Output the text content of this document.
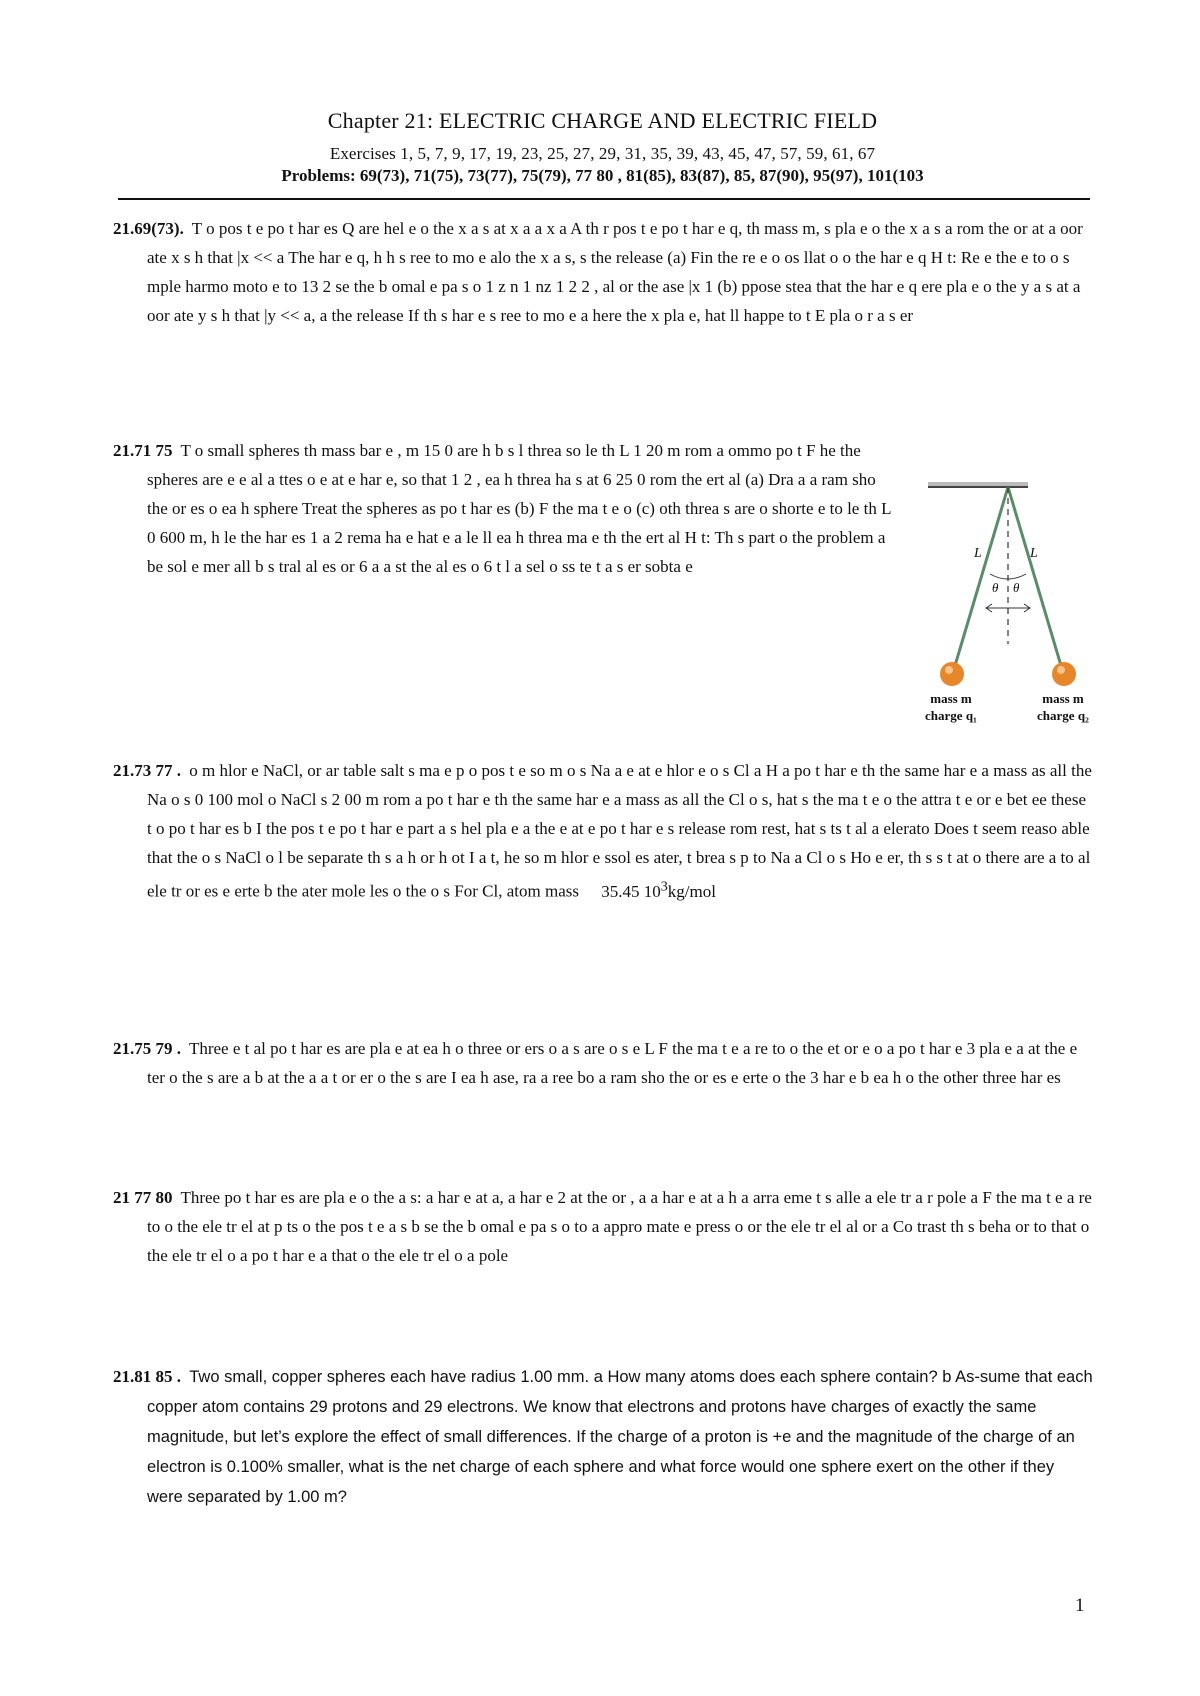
Chapter 21: ELECTRIC CHARGE AND ELECTRIC FIELD
Exercises 1, 5, 7, 9, 17, 19, 23, 25, 27, 29, 31, 35, 39, 43, 45, 47, 57, 59, 61, 67
Problems: 69(73), 71(75), 73(77), 75(79), 77 80 , 81(85), 83(87), 85, 87(90), 95(97), 101(103
21.69(73). T o pos t e po t har es Q are hel e o the x a s at x a a x a A th r pos t e po t har e q, th mass m, s pla e o the x a s a rom the or at a oor ate x s h that |x << a The har e q, h h s ree to mo e alo the x a s, s the release (a) Fin the re e o os llat o o the har e q H t: Re e the e to o s mple harmo moto e to 13 2 se the b omal e pa s o 1 z n 1 nz 1 2 2 , al or the ase |x 1 (b) ppose stea that the har e q ere pla e o the y a s at a oor ate y s h that |y << a, a the release If th s har e s ree to mo e a here the x pla e, hat ll happe to t E pla o r a s er
21.71 75 T o small spheres th mass bar e , m 15 0 are h b s l threa so le th L 1 20 m rom a ommo po t F he the spheres are e e al a ttes o e at e har e, so that 1 2 , ea h threa ha s at 6 25 0 rom the ert al (a) Dra a a ram sho the or es o ea h sphere Treat the spheres as po t har es (b) F the ma t e o (c) oth threa s are o shorte e to le th L 0 600 m, h le the har es 1 a 2 rema ha e hat e a le ll ea h threa ma e th the ert al H t: Th s part o the problem a be sol e mer all b s tral al es or 6 a a st the al es o 6 t l a sel o ss te t a s er sobta e
L	L
θ θ
mass m
charge q₁
mass m
charge q₂
21.73 77 . o m hlor e NaCl, or ar table salt s ma e p o pos t e so m o s Na a e at e hlor e o s Cl a H a po t har e th the same har e a mass as all the Na o s 0 100 mol o NaCl s 2 00 m rom a po t har e th the same har e a mass as all the Cl o s, hat s the ma t e o the attra t e or e bet ee these t o po t har es b I the pos t e po t har e part a s hel pla e a the e at e po t har e s release rom rest, hat s ts t al a elerato Does t seem reaso able that the o s NaCl o l be separate th s a h or h ot I a t, he so m hlor e ssol es ater, t brea s p to Na a Cl o s Ho e er, th s s t at o there are a to al ele tr or es e erte b the ater mole les o the o s For Cl, atom mass 35.45 $10^3kg$/mol
21.75 79 . Three e t al po t har es are pla e at ea h o three or ers o a s are o s e L F the ma t e a re to o the et or e o a po t har e 3 pla e a at the e ter o the s are a b at the a a t or er o the s are I ea h ase, ra a ree bo a ram sho the or es e erte o the 3 har e b ea h o the other three har es
21 77 80 Three po t har es are pla e o the a s: a har e at a, a har e 2 at the or , a a har e at a h a arra eme t s alle a ele tr a r pole a F the ma t e a re to o the ele tr el at p ts o the pos t e a s b se the b omal e pa s o to a appro mate e press o or the ele tr el al or a Co trast th s beha or to that o the ele tr el o a po t har e a that o the ele tr el o a pole
21.81 85 . Two small, copper spheres each have radius 1.00 mm. a How many atoms does each sphere contain? b As-sume that each copper atom contains 29 protons and 29 electrons. We know that electrons and protons have charges of exactly the same magnitude, but let’s explore the effect of small differences. If the charge of a proton is +e and the magnitude of the charge of an electron is 0.100% smaller, what is the net charge of each sphere and what force would one sphere exert on the other if they were separated by 1.00 m?
1
